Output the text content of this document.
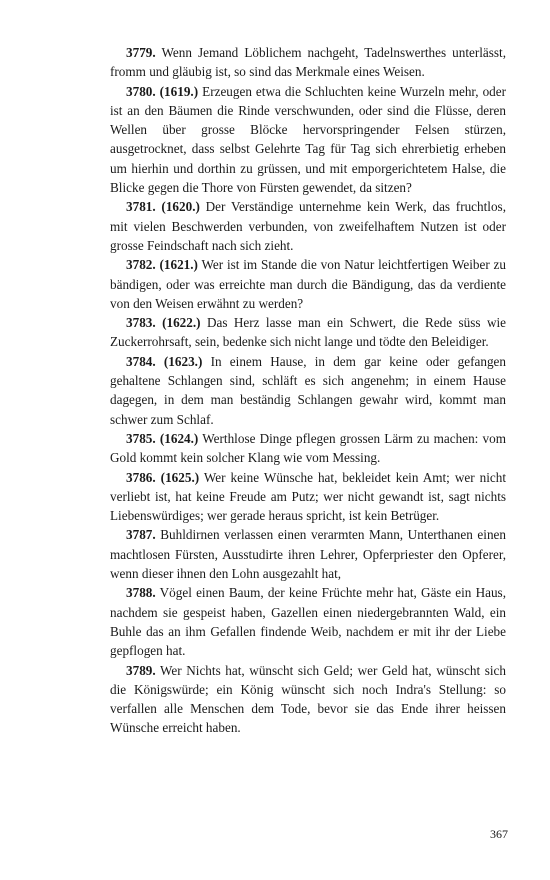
3779. Wenn Jemand Löblichem nachgeht, Tadelnswerthes unterlässt, fromm und gläubig ist, so sind das Merkmale eines Weisen.

3780. (1619.) Erzeugen etwa die Schluchten keine Wurzeln mehr, oder ist an den Bäumen die Rinde verschwunden, oder sind die Flüsse, deren Wellen über grosse Blöcke hervorspringender Felsen stürzen, ausgetrocknet, dass selbst Gelehrte Tag für Tag sich ehrerbietig erheben um hierhin und dorthin zu grüssen, und mit emporgerichtetem Halse, die Blicke gegen die Thore von Fürsten gewendet, da sitzen?

3781. (1620.) Der Verständige unternehme kein Werk, das fruchtlos, mit vielen Beschwerden verbunden, von zweifelhaftem Nutzen ist oder grosse Feindschaft nach sich zieht.

3782. (1621.) Wer ist im Stande die von Natur leichtfertigen Weiber zu bändigen, oder was erreichte man durch die Bändigung, das da verdiente von den Weisen erwähnt zu werden?

3783. (1622.) Das Herz lasse man ein Schwert, die Rede süss wie Zuckerrohrsaft, sein, bedenke sich nicht lange und tödte den Beleidiger.

3784. (1623.) In einem Hause, in dem gar keine oder gefangen gehaltene Schlangen sind, schläft es sich angenehm; in einem Hause dagegen, in dem man beständig Schlangen gewahr wird, kommt man schwer zum Schlaf.

3785. (1624.) Werthlose Dinge pflegen grossen Lärm zu machen: vom Gold kommt kein solcher Klang wie vom Messing.

3786. (1625.) Wer keine Wünsche hat, bekleidet kein Amt; wer nicht verliebt ist, hat keine Freude am Putz; wer nicht gewandt ist, sagt nichts Liebenswürdiges; wer gerade heraus spricht, ist kein Betrüger.

3787. Buhldirnen verlassen einen verarmten Mann, Unterthanen einen machtlosen Fürsten, Ausstudirte ihren Lehrer, Opferpriester den Opferer, wenn dieser ihnen den Lohn ausgezahlt hat,

3788. Vögel einen Baum, der keine Früchte mehr hat, Gäste ein Haus, nachdem sie gespeist haben, Gazellen einen niedergebrannten Wald, ein Buhle das an ihm Gefallen findende Weib, nachdem er mit ihr der Liebe gepflogen hat.

3789. Wer Nichts hat, wünscht sich Geld; wer Geld hat, wünscht sich die Königswürde; ein König wünscht sich noch Indra's Stellung: so verfallen alle Menschen dem Tode, bevor sie das Ende ihrer heissen Wünsche erreicht haben.

367
